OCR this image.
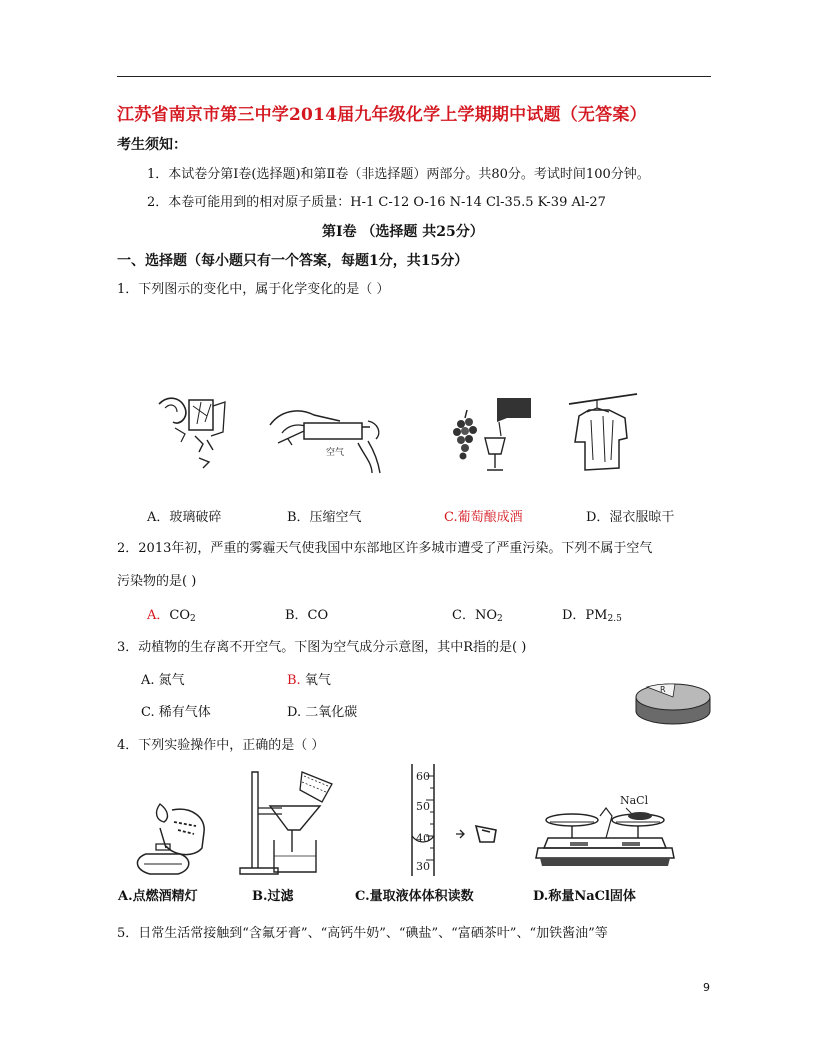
江苏省南京市第三中学2014届九年级化学上学期期中试题（无答案）
考生须知：
1．本试卷分第Ⅰ卷(选择题)和第Ⅱ卷（非选择题）两部分。共80分。考试时间100分钟。
2．本卷可能用到的相对原子质量：H-1 C-12 O-16 N-14 Cl-35.5 K-39 Al-27
第Ⅰ卷 （选择题 共25分）
一、选择题（每小题只有一个答案，每题1分，共15分）
1．下列图示的变化中，属于化学变化的是（ ）
空气
A．玻璃破碎	B．压缩空气	C.葡萄酿成酒	D．湿衣服晾干
2．2013年初，严重的雾霾天气使我国中东部地区许多城市遭受了严重污染。下列不属于空气
污染物的是( )
A．$CO_2$	B．CO	C．$NO_2$	D．$PM_{2.5}$
3．动植物的生存离不开空气。下图为空气成分示意图，其中R指的是( )
A. 氮气	B. 氧气
C. 稀有气体	D. 二氧化碳
R
4．下列实验操作中，正确的是（ ）
60
50
40
30
NaCl
A.点燃酒精灯	B.过滤	C.量取液体体积读数	D.称量NaCl固体
5．日常生活常接触到“含氟牙膏”、“高钙牛奶”、“碘盐”、“富硒茶叶”、“加铁酱油”等
9
